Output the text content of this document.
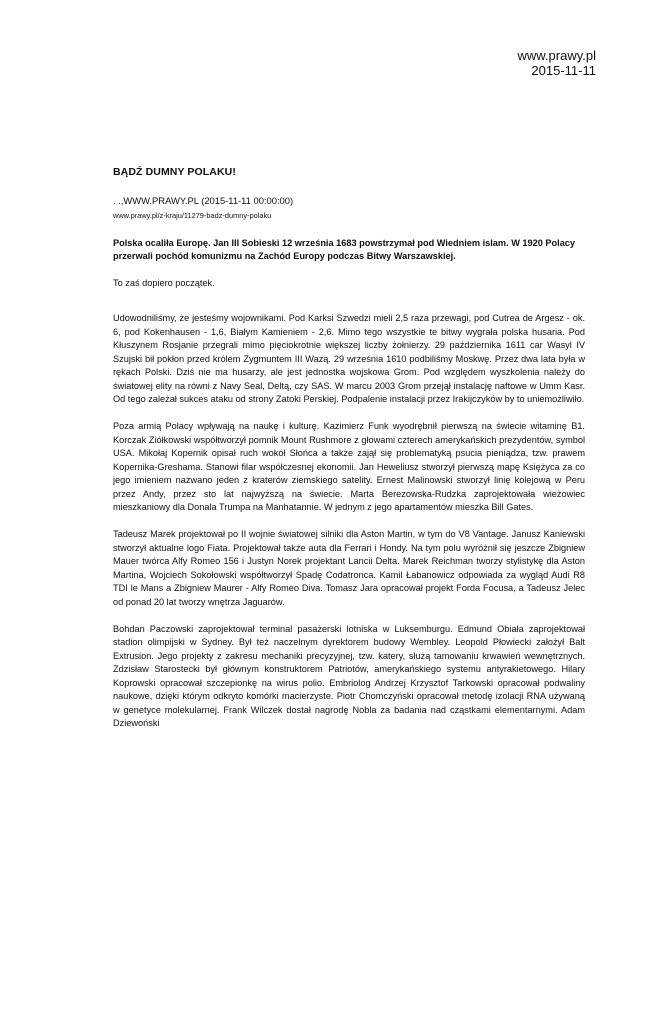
www.prawy.pl
2015-11-11
BĄDŹ DUMNY POLAKU!
. .,WWW.PRAWY.PL (2015-11-11 00:00:00)
www.prawy.pl/z-kraju/11279-badz-dumny-polaku
Polska ocaliła Europę. Jan III Sobieski 12 września 1683 powstrzymał pod Wiedniem islam. W 1920 Polacy przerwali pochód komunizmu na Zachód Europy podczas Bitwy Warszawskiej.
To zaś dopiero początek.
Udowodniliśmy, że jesteśmy wojownikami. Pod Karksi Szwedzi mieli 2,5 raza przewagi, pod Cutrea de Argesz - ok. 6, pod Kokenhausen - 1,6, Białym Kamieniem - 2,6. Mimo tego wszystkie te bitwy wygrała polska husaria. Pod Kłuszynem Rosjanie przegrali mimo pięciokrotnie większej liczby żołnierzy. 29 października 1611 car Wasyl IV Szujski bił pokłon przed królem Zygmuntem III Wazą. 29 września 1610 podbiliśmy Moskwę. Przez dwa lata była w rękach Polski. Dziś nie ma husarzy, ale jest jednostka wojskowa Grom. Pod względem wyszkolenia należy do światowej elity na równi z Navy Seal, Deltą, czy SAS. W marcu 2003 Grom przejął instalację naftowe w Umm Kasr. Od tego zależał sukces ataku od strony Zatoki Perskiej. Podpalenie instalacji przez Irakijczyków by to uniemożliwiło.
Poza armią Polacy wpływają na naukę i kulturę. Kazimierz Funk wyodrębnił pierwszą na świecie witaminę B1. Korczak Ziółkowski współtworzył pomnik Mount Rushmore z głowami czterech amerykańskich prezydentów, symbol USA. Mikołaj Kopernik opisał ruch wokół Słońca a także zajął się problematyką psucia pieniądza, tzw. prawem Kopernika-Greshama. Stanowi filar współczesnej ekonomii. Jan Heweliusz stworzył pierwszą mapę Księżyca za co jego imieniem nazwano jeden z kraterów ziemskiego satelity. Ernest Malinowski stworzył linię kolejową w Peru przez Andy, przez sto lat najwyższą na świecie. Marta Berezowska-Rudzka zaprojektowała wieżowiec mieszkaniowy dla Donala Trumpa na Manhatannie. W jednym z jego apartamentów mieszka Bill Gates.
Tadeusz Marek projektował po II wojnie światowej silniki dla Aston Martin, w tym do V8 Vantage. Janusz Kaniewski stworzył aktualne logo Fiata. Projektował także auta dla Ferrari i Hondy. Na tym polu wyróżnił się jeszcze Zbigniew Mauer twórca Alfy Romeo 156 i Justyn Norek projektant Lancii Delta. Marek Reichman tworzy stylistykę dla Aston Martina, Wojciech Sokołowski współtworzył Spadę Codatronca. Kamil Łabanowicz odpowiada za wygląd Audi R8 TDI le Mans a Zbigniew Maurer - Alfy Romeo Diva. Tomasz Jara opracował projekt Forda Focusa, a Tadeusz Jelec od ponad 20 lat tworzy wnętrza Jaguarów.
Bohdan Paczowski zaprojektował terminal pasażerski lotniska w Luksemburgu. Edmund Obiała zaprojektował stadion olimpijski w Sydney. Był też naczelnym dyrektorem budowy Wembley. Leopold Płowiecki założył Balt Extrusion. Jego projekty z zakresu mechaniki precyzyjnej, tzw. katery, służą tamowaniu krwawień wewnętrznych. Zdzisław Starostecki był głównym konstruktorem Patriotów, amerykańskiego systemu antyrakietowego. Hilary Koprowski opracował szczepionkę na wirus polio. Embriolog Andrzej Krzysztof Tarkowski opracował podwaliny naukowe, dzięki którym odkryto komórki macierzyste. Piotr Chomczyński opracował metodę izolacji RNA używaną w genetyce molekularnej. Frank Wilczek dostał nagrodę Nobla za badania nad cząstkami elementarnymi. Adam Dziewoński
